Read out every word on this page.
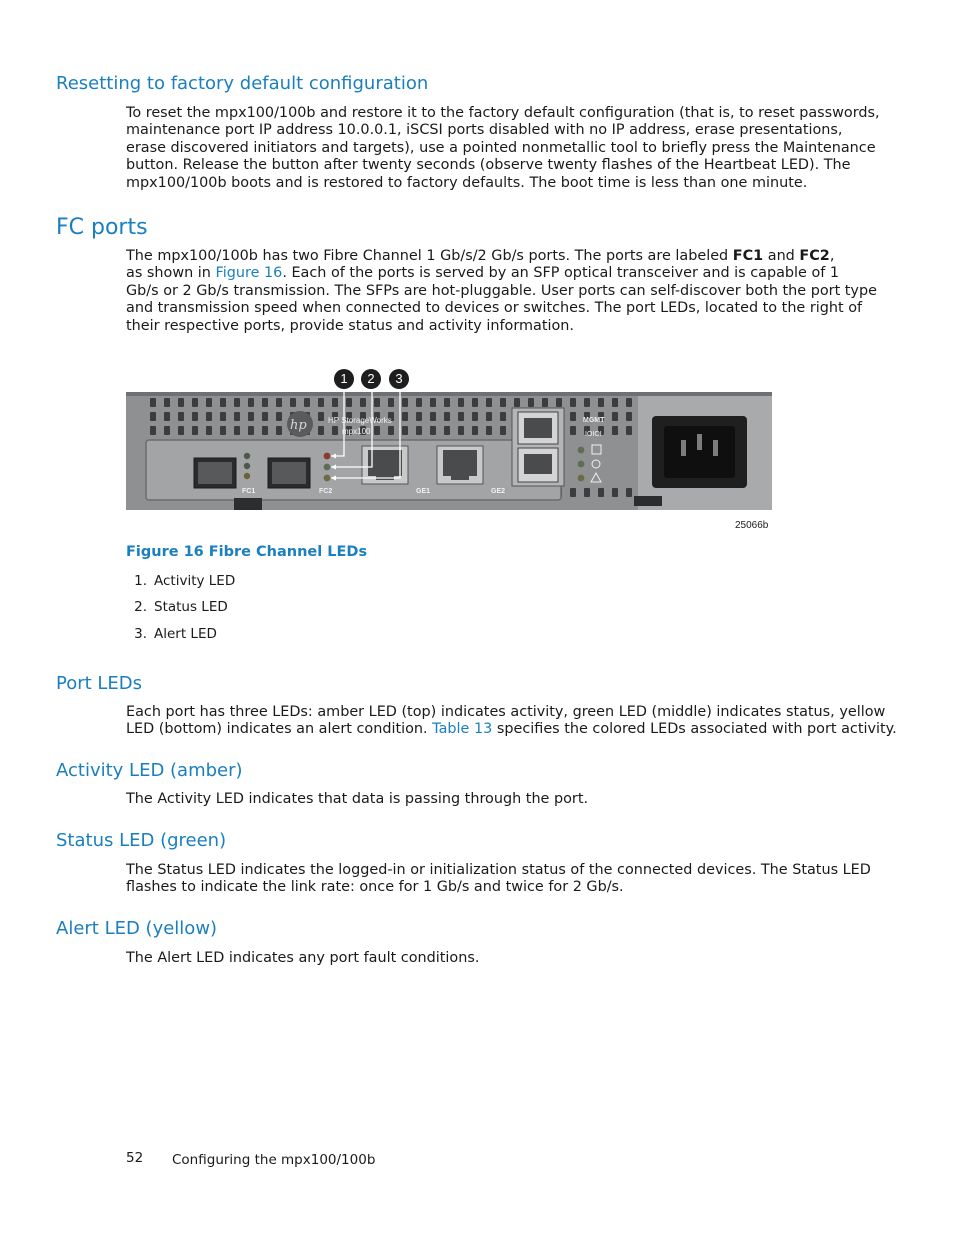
Resetting to factory default configuration

To reset the mpx100/100b and restore it to the factory default configuration (that is, to reset passwords,
maintenance port IP address 10.0.0.1, iSCSI ports disabled with no IP address, erase presentations,
erase discovered initiators and targets), use a pointed nonmetallic tool to briefly press the Maintenance
button. Release the button after twenty seconds (observe twenty flashes of the Heartbeat LED). The
mpx100/100b boots and is restored to factory defaults. The boot time is less than one minute.

FC ports

The mpx100/100b has two Fibre Channel 1 Gb/s/2 Gb/s ports. The ports are labeled FC1 and FC2,
as shown in Figure 16. Each of the ports is served by an SFP optical transceiver and is capable of 1
Gb/s or 2 Gb/s transmission. The SFPs are hot-pluggable. User ports can self-discover both the port type
and transmission speed when connected to devices or switches. The port LEDs, located to the right of
their respective ports, provide status and activity information.

1	2	3
hp	HP StorageWorks
mpx100
FC1	FC2	GE1	GE2
MGMT
IOIOI
25066b

Figure 16 Fibre Channel LEDs

1. Activity LED
2. Status LED
3. Alert LED
Port LEDs

Each port has three LEDs: amber LED (top) indicates activity, green LED (middle) indicates status, yellow
LED (bottom) indicates an alert condition. Table 13 specifies the colored LEDs associated with port activity.

Activity LED (amber)

The Activity LED indicates that data is passing through the port.

Status LED (green)

The Status LED indicates the logged-in or initialization status of the connected devices. The Status LED
flashes to indicate the link rate: once for 1 Gb/s and twice for 2 Gb/s.

Alert LED (yellow)

The Alert LED indicates any port fault conditions.

52 Configuring the mpx100/100b
